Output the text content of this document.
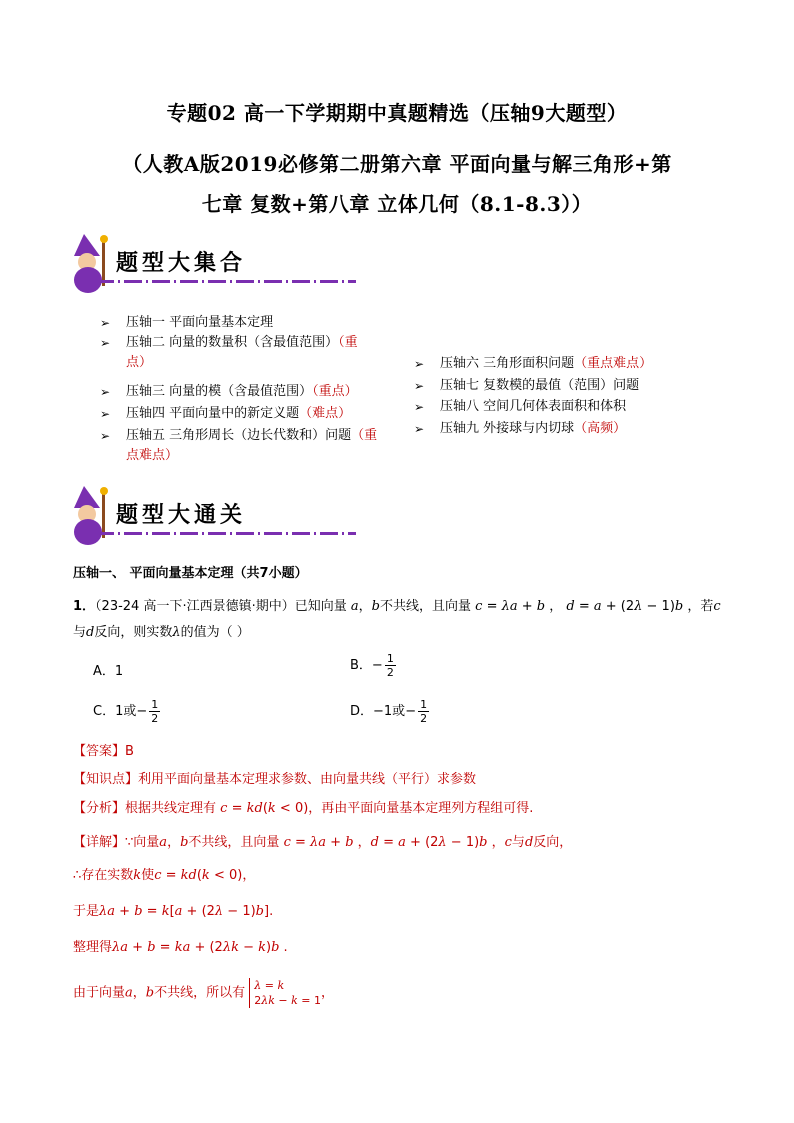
专题02 高一下学期期中真题精选（压轴9大题型）
（人教A版2019必修第二册第六章 平面向量与解三角形+第
七章 复数+第八章 立体几何（8.1-8.3））
题型大集合
➢ 压轴一 平面向量基本定理
➢ 压轴二 向量的数量积（含最值范围）（重
点）
➢ 压轴三 向量的模（含最值范围）（重点）
➢ 压轴四 平面向量中的新定义题（难点）
➢ 压轴五 三角形周长（边长代数和）问题（重
点难点）
➢ 压轴六 三角形面积问题（重点难点）
➢ 压轴七 复数模的最值（范围）问题
➢ 压轴八 空间几何体表面积和体积
➢ 压轴九 外接球与内切球（高频）
题型大通关
压轴一、 平面向量基本定理（共7小题）
1．（23-24 高一下·江西景德镇·期中）已知向量 a，b不共线，且向量 c = λa + b ， d = a + (2λ − 1)b ，若c
与d反向，则实数λ的值为（ ）
A．1	B．− $\frac{1}{2}$
C．1或− $\frac{1}{2}$	D．−1或− $\frac{1}{2}$
【答案】B
【知识点】利用平面向量基本定理求参数、由向量共线（平行）求参数
【分析】根据共线定理有 c = kd(k < 0)，再由平面向量基本定理列方程组可得.
【详解】∵向量a，b不共线，且向量 c = λa + b ，d = a + (2λ − 1)b ，c与d反向，
∴存在实数k使c = kd(k < 0)，
于是λa + b = k[a + (2λ − 1)b].
整理得λa + b = ka + (2λk − k)b .
由于向量a，b不共线，所以有 λ = k
2λk − k = 1，
